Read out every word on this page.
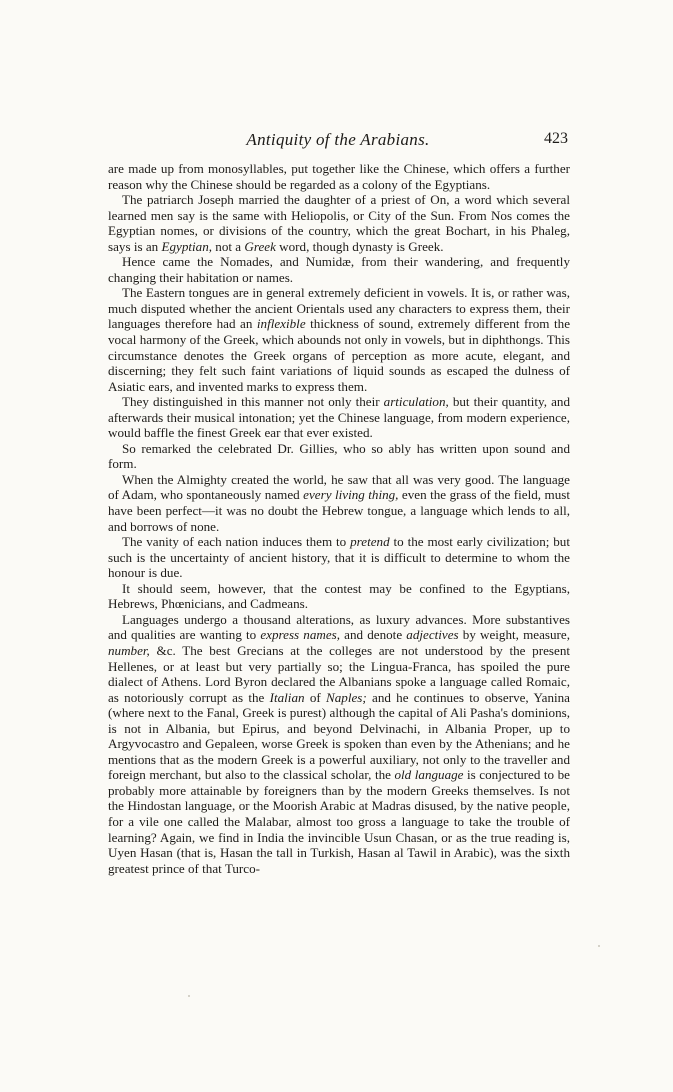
Antiquity of the Arabians.	423

are made up from monosyllables, put together like the Chinese, which offers a further reason why the Chinese should be regarded as a colony of the Egyptians.

The patriarch Joseph married the daughter of a priest of On, a word which several learned men say is the same with Heliopolis, or City of the Sun. From Nos comes the Egyptian nomes, or divisions of the country, which the great Bochart, in his Phaleg, says is an Egyptian, not a Greek word, though dynasty is Greek.

Hence came the Nomades, and Numidæ, from their wandering, and frequently changing their habitation or names.

The Eastern tongues are in general extremely deficient in vowels. It is, or rather was, much disputed whether the ancient Orientals used any characters to express them, their languages therefore had an inflexible thickness of sound, extremely different from the vocal harmony of the Greek, which abounds not only in vowels, but in diphthongs. This circumstance denotes the Greek organs of perception as more acute, elegant, and discerning; they felt such faint variations of liquid sounds as escaped the dulness of Asiatic ears, and invented marks to express them.

They distinguished in this manner not only their articulation, but their quantity, and afterwards their musical intonation; yet the Chinese language, from modern experience, would baffle the finest Greek ear that ever existed.

So remarked the celebrated Dr. Gillies, who so ably has written upon sound and form.

When the Almighty created the world, he saw that all was very good. The language of Adam, who spontaneously named every living thing, even the grass of the field, must have been perfect—it was no doubt the Hebrew tongue, a language which lends to all, and borrows of none.

The vanity of each nation induces them to pretend to the most early civilization; but such is the uncertainty of ancient history, that it is difficult to determine to whom the honour is due.

It should seem, however, that the contest may be confined to the Egyptians, Hebrews, Phœnicians, and Cadmeans.

Languages undergo a thousand alterations, as luxury advances. More substantives and qualities are wanting to express names, and denote adjectives by weight, measure, number, &c. The best Grecians at the colleges are not understood by the present Hellenes, or at least but very partially so; the Lingua-Franca, has spoiled the pure dialect of Athens. Lord Byron declared the Albanians spoke a language called Romaic, as notoriously corrupt as the Italian of Naples; and he continues to observe, Yanina (where next to the Fanal, Greek is purest) although the capital of Ali Pasha's dominions, is not in Albania, but Epirus, and beyond Delvinachi, in Albania Proper, up to Argyvocastro and Gepaleen, worse Greek is spoken than even by the Athenians; and he mentions that as the modern Greek is a powerful auxiliary, not only to the traveller and foreign merchant, but also to the classical scholar, the old language is conjectured to be probably more attainable by foreigners than by the modern Greeks themselves. Is not the Hindostan language, or the Moorish Arabic at Madras disused, by the native people, for a vile one called the Malabar, almost too gross a language to take the trouble of learning? Again, we find in India the invincible Usun Chasan, or as the true reading is, Uyen Hasan (that is, Hasan the tall in Turkish, Hasan al Tawil in Arabic), was the sixth greatest prince of that Turco-
